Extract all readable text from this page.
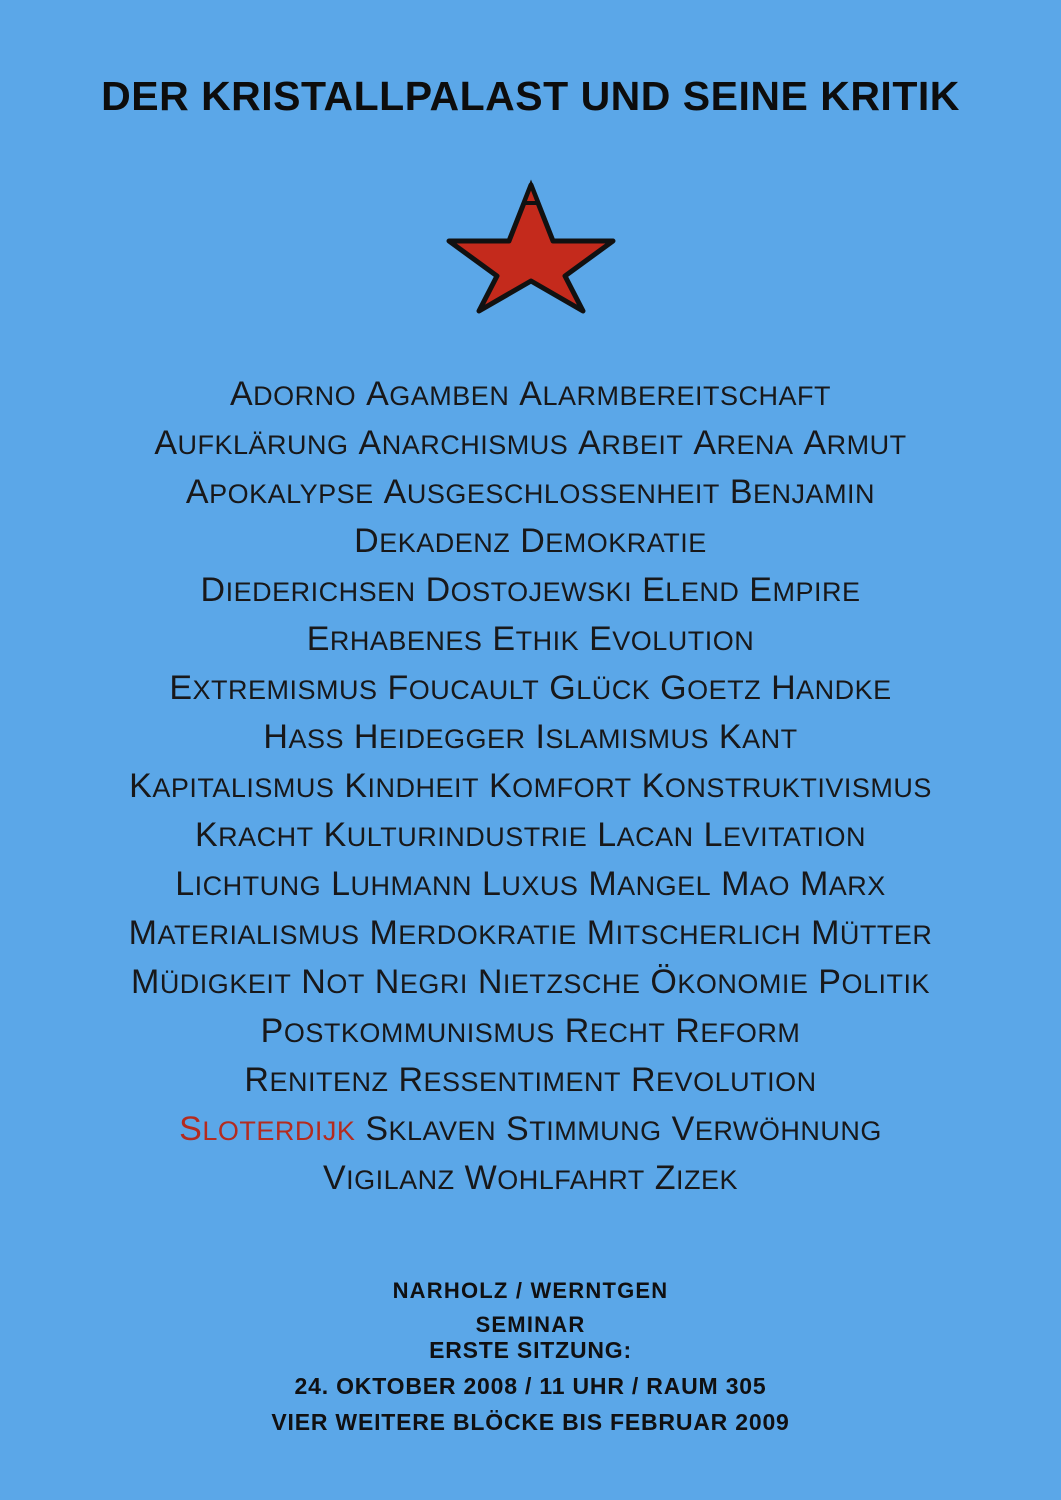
DER KRISTALLPALAST UND SEINE KRITIK
ADORNO AGAMBEN ALARMBEREITSCHAFT
AUFKLÄRUNG ANARCHISMUS ARBEIT ARENA ARMUT
APOKALYPSE AUSGESCHLOSSENHEIT BENJAMIN
DEKADENZ DEMOKRATIE
DIEDERICHSEN DOSTOJEWSKI ELEND EMPIRE
ERHABENES ETHIK EVOLUTION
EXTREMISMUS FOUCAULT GLÜCK GOETZ HANDKE
HASS HEIDEGGER ISLAMISMUS KANT
KAPITALISMUS KINDHEIT KOMFORT KONSTRUKTIVISMUS
KRACHT KULTURINDUSTRIE LACAN LEVITATION
LICHTUNG LUHMANN LUXUS MANGEL MAO MARX
MATERIALISMUS MERDOKRATIE MITSCHERLICH MÜTTER
MÜDIGKEIT NOT NEGRI NIETZSCHE ÖKONOMIE POLITIK
POSTKOMMUNISMUS RECHT REFORM
RENITENZ RESSENTIMENT REVOLUTION
SLOTERDIJK SKLAVEN STIMMUNG VERWÖHNUNG
VIGILANZ WOHLFAHRT ZIZEK
NARHOLZ / WERNTGEN
SEMINAR
ERSTE SITZUNG:
24. OKTOBER 2008 / 11 UHR / RAUM 305
VIER WEITERE BLÖCKE BIS FEBRUAR 2009
